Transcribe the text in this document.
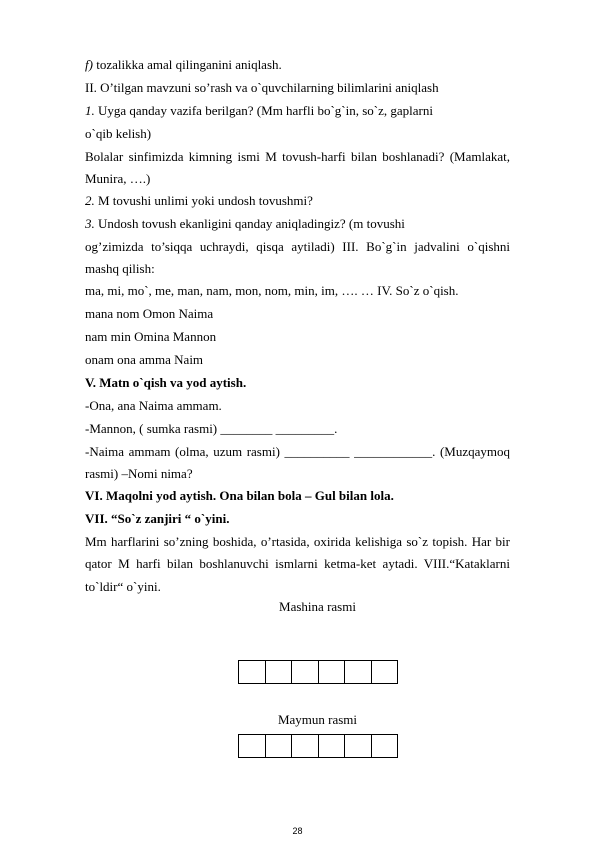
f) tozalikka amal qilinganini aniqlash.
II. O’tilgan mavzuni so’rash va o`quvchilarning bilimlarini aniqlash
1. Uyga qanday vazifa berilgan? (Mm harfli bo`g`in, so`z, gaplarni
o`qib kelish)
Bolalar sinfimizda kimning ismi M tovush-harfi bilan boshlanadi? (Mamlakat, Munira, ….)
2. M tovushi unlimi yoki undosh tovushmi?
3. Undosh tovush ekanligini qanday aniqladingiz? (m tovushi
og’zimizda to’siqqa uchraydi, qisqa aytiladi) III. Bo`g`in jadvalini o`qishni mashq qilish:
ma, mi, mo`, me, man, nam, mon, nom, min, im, …. … IV. So`z o`qish.
mana nom Omon Naima
nam min Omina Mannon
onam ona amma Naim
V. Matn o`qish va yod aytish.
-Ona, ana Naima ammam.
-Mannon, ( sumka rasmi) ________ _________.
-Naima ammam (olma, uzum rasmi) __________ ____________. (Muzqaymoq rasmi) –Nomi nima?
VI. Maqolni yod aytish. Ona bilan bola – Gul bilan lola.
VII. “So`z zanjiri “ o`yini.
Mm harflarini so’zning boshida, o’rtasida, oxirida kelishiga so`z topish. Har bir qator M harfi bilan boshlanuvchi ismlarni ketma-ket aytadi. VIII.“Kataklarni to`ldir“ o`yini.
Mashina rasmi

Maymun rasmi

28
